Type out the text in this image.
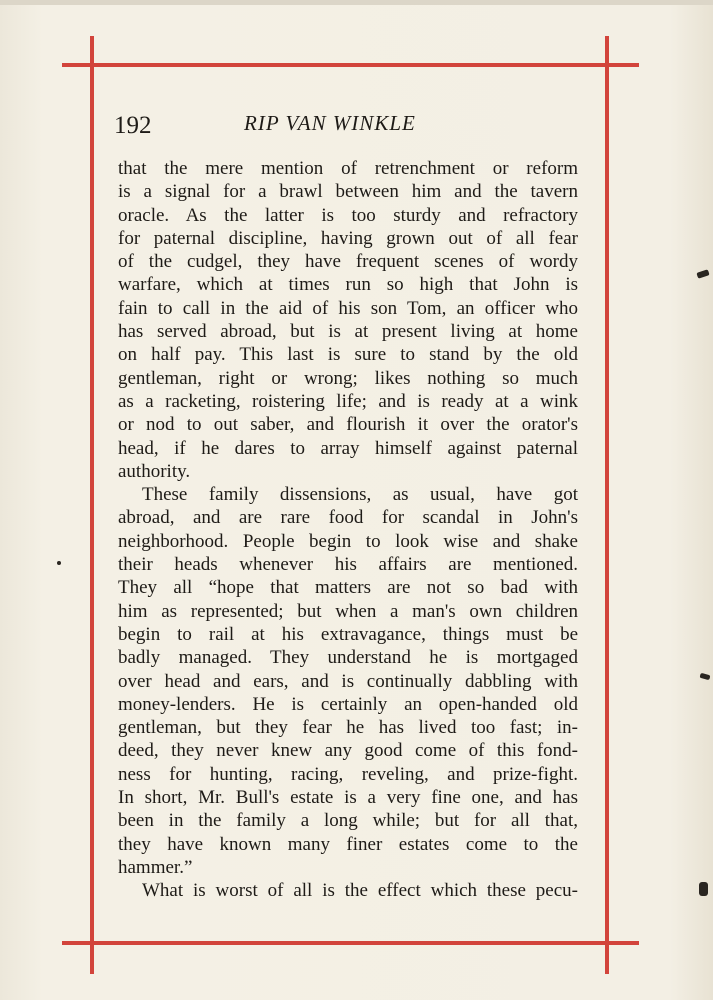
192	RIP VAN WINKLE
that the mere mention of retrenchment or reform
is a signal for a brawl between him and the tavern
oracle. As the latter is too sturdy and refractory
for paternal discipline, having grown out of all fear
of the cudgel, they have frequent scenes of wordy
warfare, which at times run so high that John is
fain to call in the aid of his son Tom, an officer who
has served abroad, but is at present living at home
on half pay. This last is sure to stand by the old
gentleman, right or wrong; likes nothing so much
as a racketing, roistering life; and is ready at a wink
or nod to out saber, and flourish it over the orator's
head, if he dares to array himself against paternal
authority.
These family dissensions, as usual, have got
abroad, and are rare food for scandal in John's
neighborhood. People begin to look wise and shake
their heads whenever his affairs are mentioned.
They all “hope that matters are not so bad with
him as represented; but when a man's own children
begin to rail at his extravagance, things must be
badly managed. They understand he is mortgaged
over head and ears, and is continually dabbling with
money-lenders. He is certainly an open-handed old
gentleman, but they fear he has lived too fast; in-
deed, they never knew any good come of this fond-
ness for hunting, racing, reveling, and prize-fight.
In short, Mr. Bull's estate is a very fine one, and has
been in the family a long while; but for all that,
they have known many finer estates come to the
hammer.”
What is worst of all is the effect which these pecu-
